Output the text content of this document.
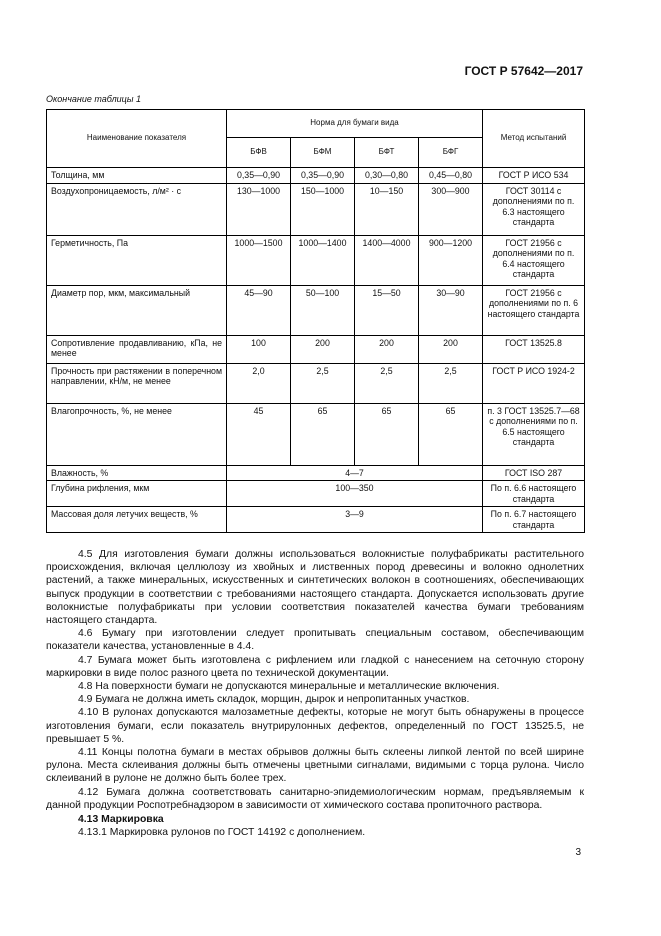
ГОСТ Р 57642—2017
Окончание таблицы 1
Наименование показателя	Норма для бумаги вида				Метод испытаний
	БФВ	БФМ	БФТ	БФГ	
Толщина, мм	0,35—0,90	0,35—0,90	0,30—0,80	0,45—0,80	ГОСТ Р ИСО 534
Воздухопроницаемость, л/м² · с	130—1000	150—1000	10—150	300—900	ГОСТ 30114 с дополнениями по п. 6.3 настоящего стандарта
Герметичность, Па	1000—1500	1000—1400	1400—4000	900—1200	ГОСТ 21956 с дополнениями по п. 6.4 настоящего стандарта
Диаметр пор, мкм, максимальный	45—90	50—100	15—50	30—90	ГОСТ 21956 с дополнениями по п. 6 настоящего стандарта
Сопротивление продавливанию, кПа, не менее	100	200	200	200	ГОСТ 13525.8
Прочность при растяжении в поперечном направлении, кН/м, не менее	2,0	2,5	2,5	2,5	ГОСТ Р ИСО 1924-2
Влагопрочность, %, не менее	45	65	65	65	п. 3 ГОСТ 13525.7—68 с дополнениями по п. 6.5 настоящего стандарта
Влажность, %	4—7				ГОСТ ISO 287
Глубина рифления, мкм	100—350				По п. 6.6 настоящего стандарта
Массовая доля летучих веществ, %	3—9				По п. 6.7 настоящего стандарта

4.5 Для изготовления бумаги должны использоваться волокнистые полуфабрикаты растительного происхождения, включая целлюлозу из хвойных и лиственных пород древесины и волокно однолетних растений, а также минеральных, искусственных и синтетических волокон в соотношениях, обеспечивающих выпуск продукции в соответствии с требованиями настоящего стандарта. Допускается использовать другие волокнистые полуфабрикаты при условии соответствия показателей качества бумаги требованиям настоящего стандарта.

4.6 Бумагу при изготовлении следует пропитывать специальным составом, обеспечивающим показатели качества, установленные в 4.4.

4.7 Бумага может быть изготовлена с рифлением или гладкой с нанесением на сеточную сторону маркировки в виде полос разного цвета по технической документации.

4.8 На поверхности бумаги не допускаются минеральные и металлические включения.

4.9 Бумага не должна иметь складок, морщин, дырок и непропитанных участков.

4.10 В рулонах допускаются малозаметные дефекты, которые не могут быть обнаружены в процессе изготовления бумаги, если показатель внутрирулонных дефектов, определенный по ГОСТ 13525.5, не превышает 5 %.

4.11 Концы полотна бумаги в местах обрывов должны быть склеены липкой лентой по всей ширине рулона. Места склеивания должны быть отмечены цветными сигналами, видимыми с торца рулона. Число склеиваний в рулоне не должно быть более трех.

4.12 Бумага должна соответствовать санитарно-эпидемиологическим нормам, предъявляемым к данной продукции Роспотребнадзором в зависимости от химического состава пропиточного раствора.

4.13 Маркировка

4.13.1 Маркировка рулонов по ГОСТ 14192 с дополнением.

3
